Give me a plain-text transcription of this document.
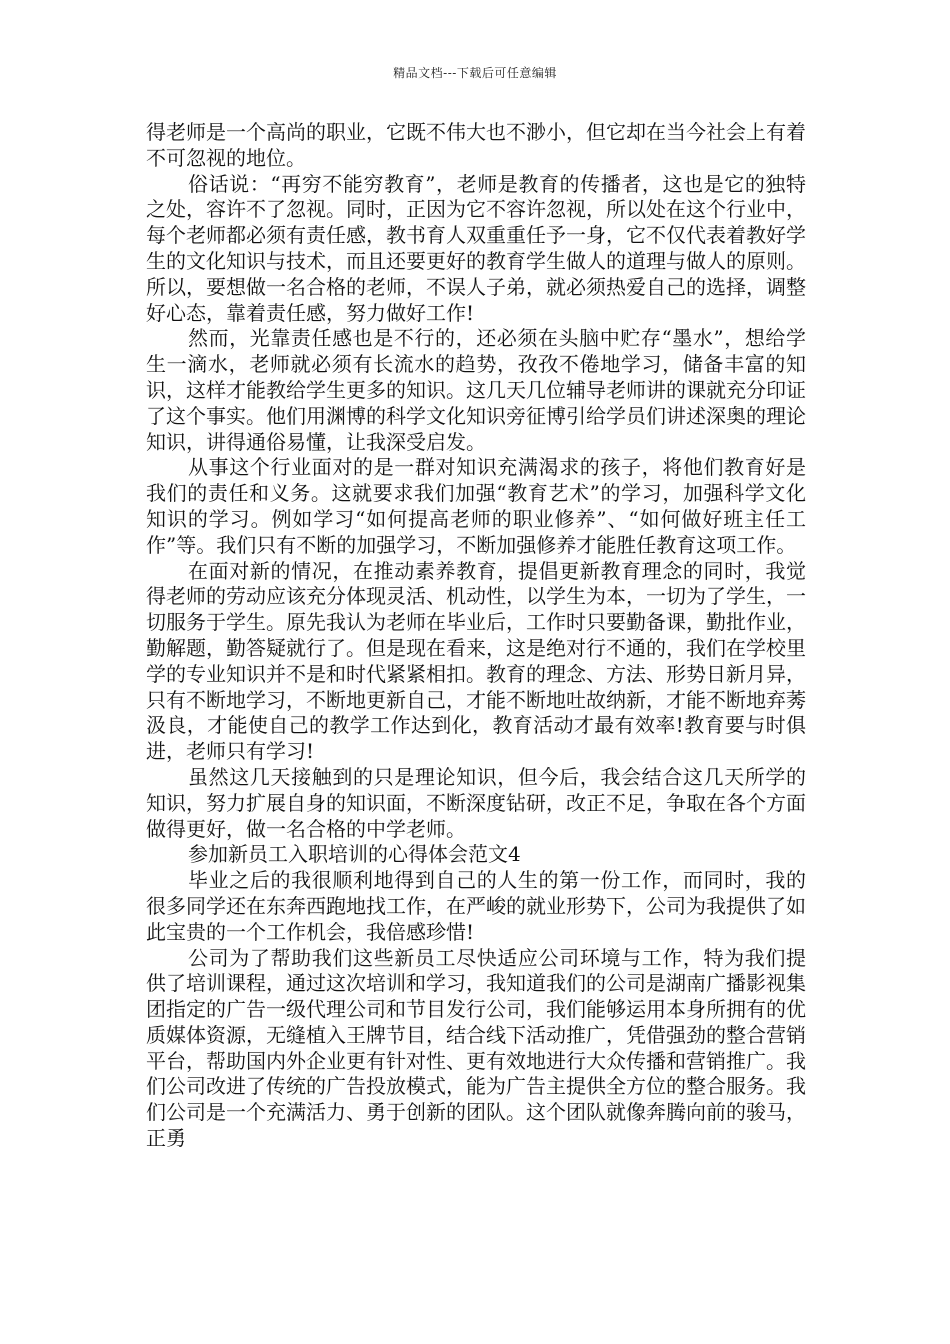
精品文档---下载后可任意编辑

得老师是一个高尚的职业，它既不伟大也不渺小，但它却在当今社会上有着不可忽视的地位。

俗话说：“再穷不能穷教育”，老师是教育的传播者，这也是它的独特之处，容许不了忽视。同时，正因为它不容许忽视，所以处在这个行业中，每个老师都必须有责任感，教书育人双重重任予一身，它不仅代表着教好学生的文化知识与技术，而且还要更好的教育学生做人的道理与做人的原则。所以，要想做一名合格的老师，不误人子弟，就必须热爱自己的选择，调整好心态，靠着责任感，努力做好工作!

然而，光靠责任感也是不行的，还必须在头脑中贮存“墨水”，想给学生一滴水，老师就必须有长流水的趋势，孜孜不倦地学习，储备丰富的知识，这样才能教给学生更多的知识。这几天几位辅导老师讲的课就充分印证了这个事实。他们用渊博的科学文化知识旁征博引给学员们讲述深奥的理论知识，讲得通俗易懂，让我深受启发。

从事这个行业面对的是一群对知识充满渴求的孩子，将他们教育好是我们的责任和义务。这就要求我们加强“教育艺术”的学习，加强科学文化知识的学习。例如学习“如何提高老师的职业修养”、“如何做好班主任工作”等。我们只有不断的加强学习，不断加强修养才能胜任教育这项工作。

在面对新的情况，在推动素养教育，提倡更新教育理念的同时，我觉得老师的劳动应该充分体现灵活、机动性，以学生为本，一切为了学生，一切服务于学生。原先我认为老师在毕业后，工作时只要勤备课，勤批作业，勤解题，勤答疑就行了。但是现在看来，这是绝对行不通的，我们在学校里学的专业知识并不是和时代紧紧相扣。教育的理念、方法、形势日新月异，只有不断地学习，不断地更新自己，才能不断地吐故纳新，才能不断地弃莠汲良，才能使自己的教学工作达到化，教育活动才最有效率!教育要与时俱进，老师只有学习!

虽然这几天接触到的只是理论知识，但今后，我会结合这几天所学的知识，努力扩展自身的知识面，不断深度钻研，改正不足，争取在各个方面做得更好，做一名合格的中学老师。

参加新员工入职培训的心得体会范文4

毕业之后的我很顺利地得到自己的人生的第一份工作，而同时，我的很多同学还在东奔西跑地找工作，在严峻的就业形势下，公司为我提供了如此宝贵的一个工作机会，我倍感珍惜!

公司为了帮助我们这些新员工尽快适应公司环境与工作，特为我们提供了培训课程，通过这次培训和学习，我知道我们的公司是湖南广播影视集团指定的广告一级代理公司和节目发行公司，我们能够运用本身所拥有的优质媒体资源，无缝植入王牌节目，结合线下活动推广，凭借强劲的整合营销平台，帮助国内外企业更有针对性、更有效地进行大众传播和营销推广。我们公司改进了传统的广告投放模式，能为广告主提供全方位的整合服务。我们公司是一个充满活力、勇于创新的团队。这个团队就像奔腾向前的骏马，正勇
